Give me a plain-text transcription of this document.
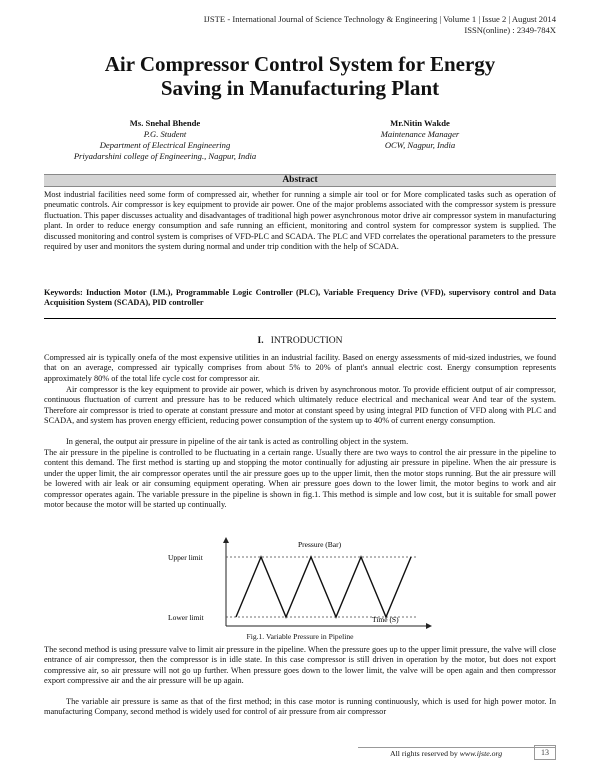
IJSTE - International Journal of Science Technology & Engineering | Volume 1 | Issue 2 | August 2014
ISSN(online) : 2349-784X
Air Compressor Control System for Energy
Saving in Manufacturing Plant
Ms. Snehal Bhende
P.G. Student
Department of Electrical Engineering
Priyadarshini college of Engineering., Nagpur, India
Mr.Nitin Wakde
Maintenance Manager
OCW, Nagpur, India
Abstract

Most industrial facilities need some form of compressed air, whether for running a simple air tool or for More complicated tasks such as operation of pneumatic controls. Air compressor is key equipment to provide air power. One of the major problems associated with the compressor system is pressure fluctuation. This paper discusses actuality and disadvantages of traditional high power asynchronous motor drive air compressor system in manufacturing plant. In order to reduce energy consumption and safe running an efficient, monitoring and control system for compressor system is supplied. The discussed monitoring and control system is comprises of VFD-PLC and SCADA. The PLC and VFD correlates the operational parameters to the pressure required by user and monitors the system during normal and under trip condition with the help of SCADA.

Keywords: Induction Motor (I.M.), Programmable Logic Controller (PLC), Variable Frequency Drive (VFD), supervisory control and Data Acquisition System (SCADA), PID controller

I. INTRODUCTION

Compressed air is typically onefa of the most expensive utilities in an industrial facility. Based on energy assessments of mid-sized industries, we found that on an average, compressed air typically comprises from about 5% to 20% of plant's annual electric cost. Energy consumption represents approximately 80% of the total life cycle cost for compressor air.

Air compressor is the key equipment to provide air power, which is driven by asynchronous motor. To provide efficient output of air compressor, continuous fluctuation of current and pressure has to be reduced which ultimately reduce electrical and mechanical wear And tear of the system. Therefore air compressor is tried to operate at constant pressure and motor at constant speed by using integral PID function of VFD along with PLC and SCADA, and system has proven energy efficient, reducing power consumption of the system up to 40% of current energy consumption.

In general, the output air pressure in pipeline of the air tank is acted as controlling object in the system.

The air pressure in the pipeline is controlled to be fluctuating in a certain range. Usually there are two ways to control the air pressure in the pipeline to content this demand. The first method is starting up and stopping the motor continually for adjusting air pressure in pipeline. When the air pressure is under the upper limit, the air compressor operates until the air pressure goes up to the upper limit, then the motor stops running. But the air pressure will be lowered with air leak or air consuming equipment operating. When air pressure goes down to the lower limit, the motor begins to work and air compressor operates again. The variable pressure in the pipeline is shown in fig.1. This method is simple and low cost, but it is suitable for small power motor because the motor will be started up continually.

Upper limit
Lower limit
Pressure (Bar)
Time (S)
Fig.1. Variable Pressure in Pipeline

The second method is using pressure valve to limit air pressure in the pipeline. When the pressure goes up to the upper limit pressure, the valve will close entrance of air compressor, then the compressor is in idle state. In this case compressor is still driven in operation by the motor, but does not export compressive air, so air pressure will not go up further. When pressure goes down to the lower limit, the valve will be open again and then compressor export compressive air and the air pressure will be up again.

The variable air pressure is same as that of the first method; in this case motor is running continuously, which is used for high power motor. In manufacturing Company, second method is widely used for control of air pressure from air compressor

All rights reserved by www.ijste.org	13
